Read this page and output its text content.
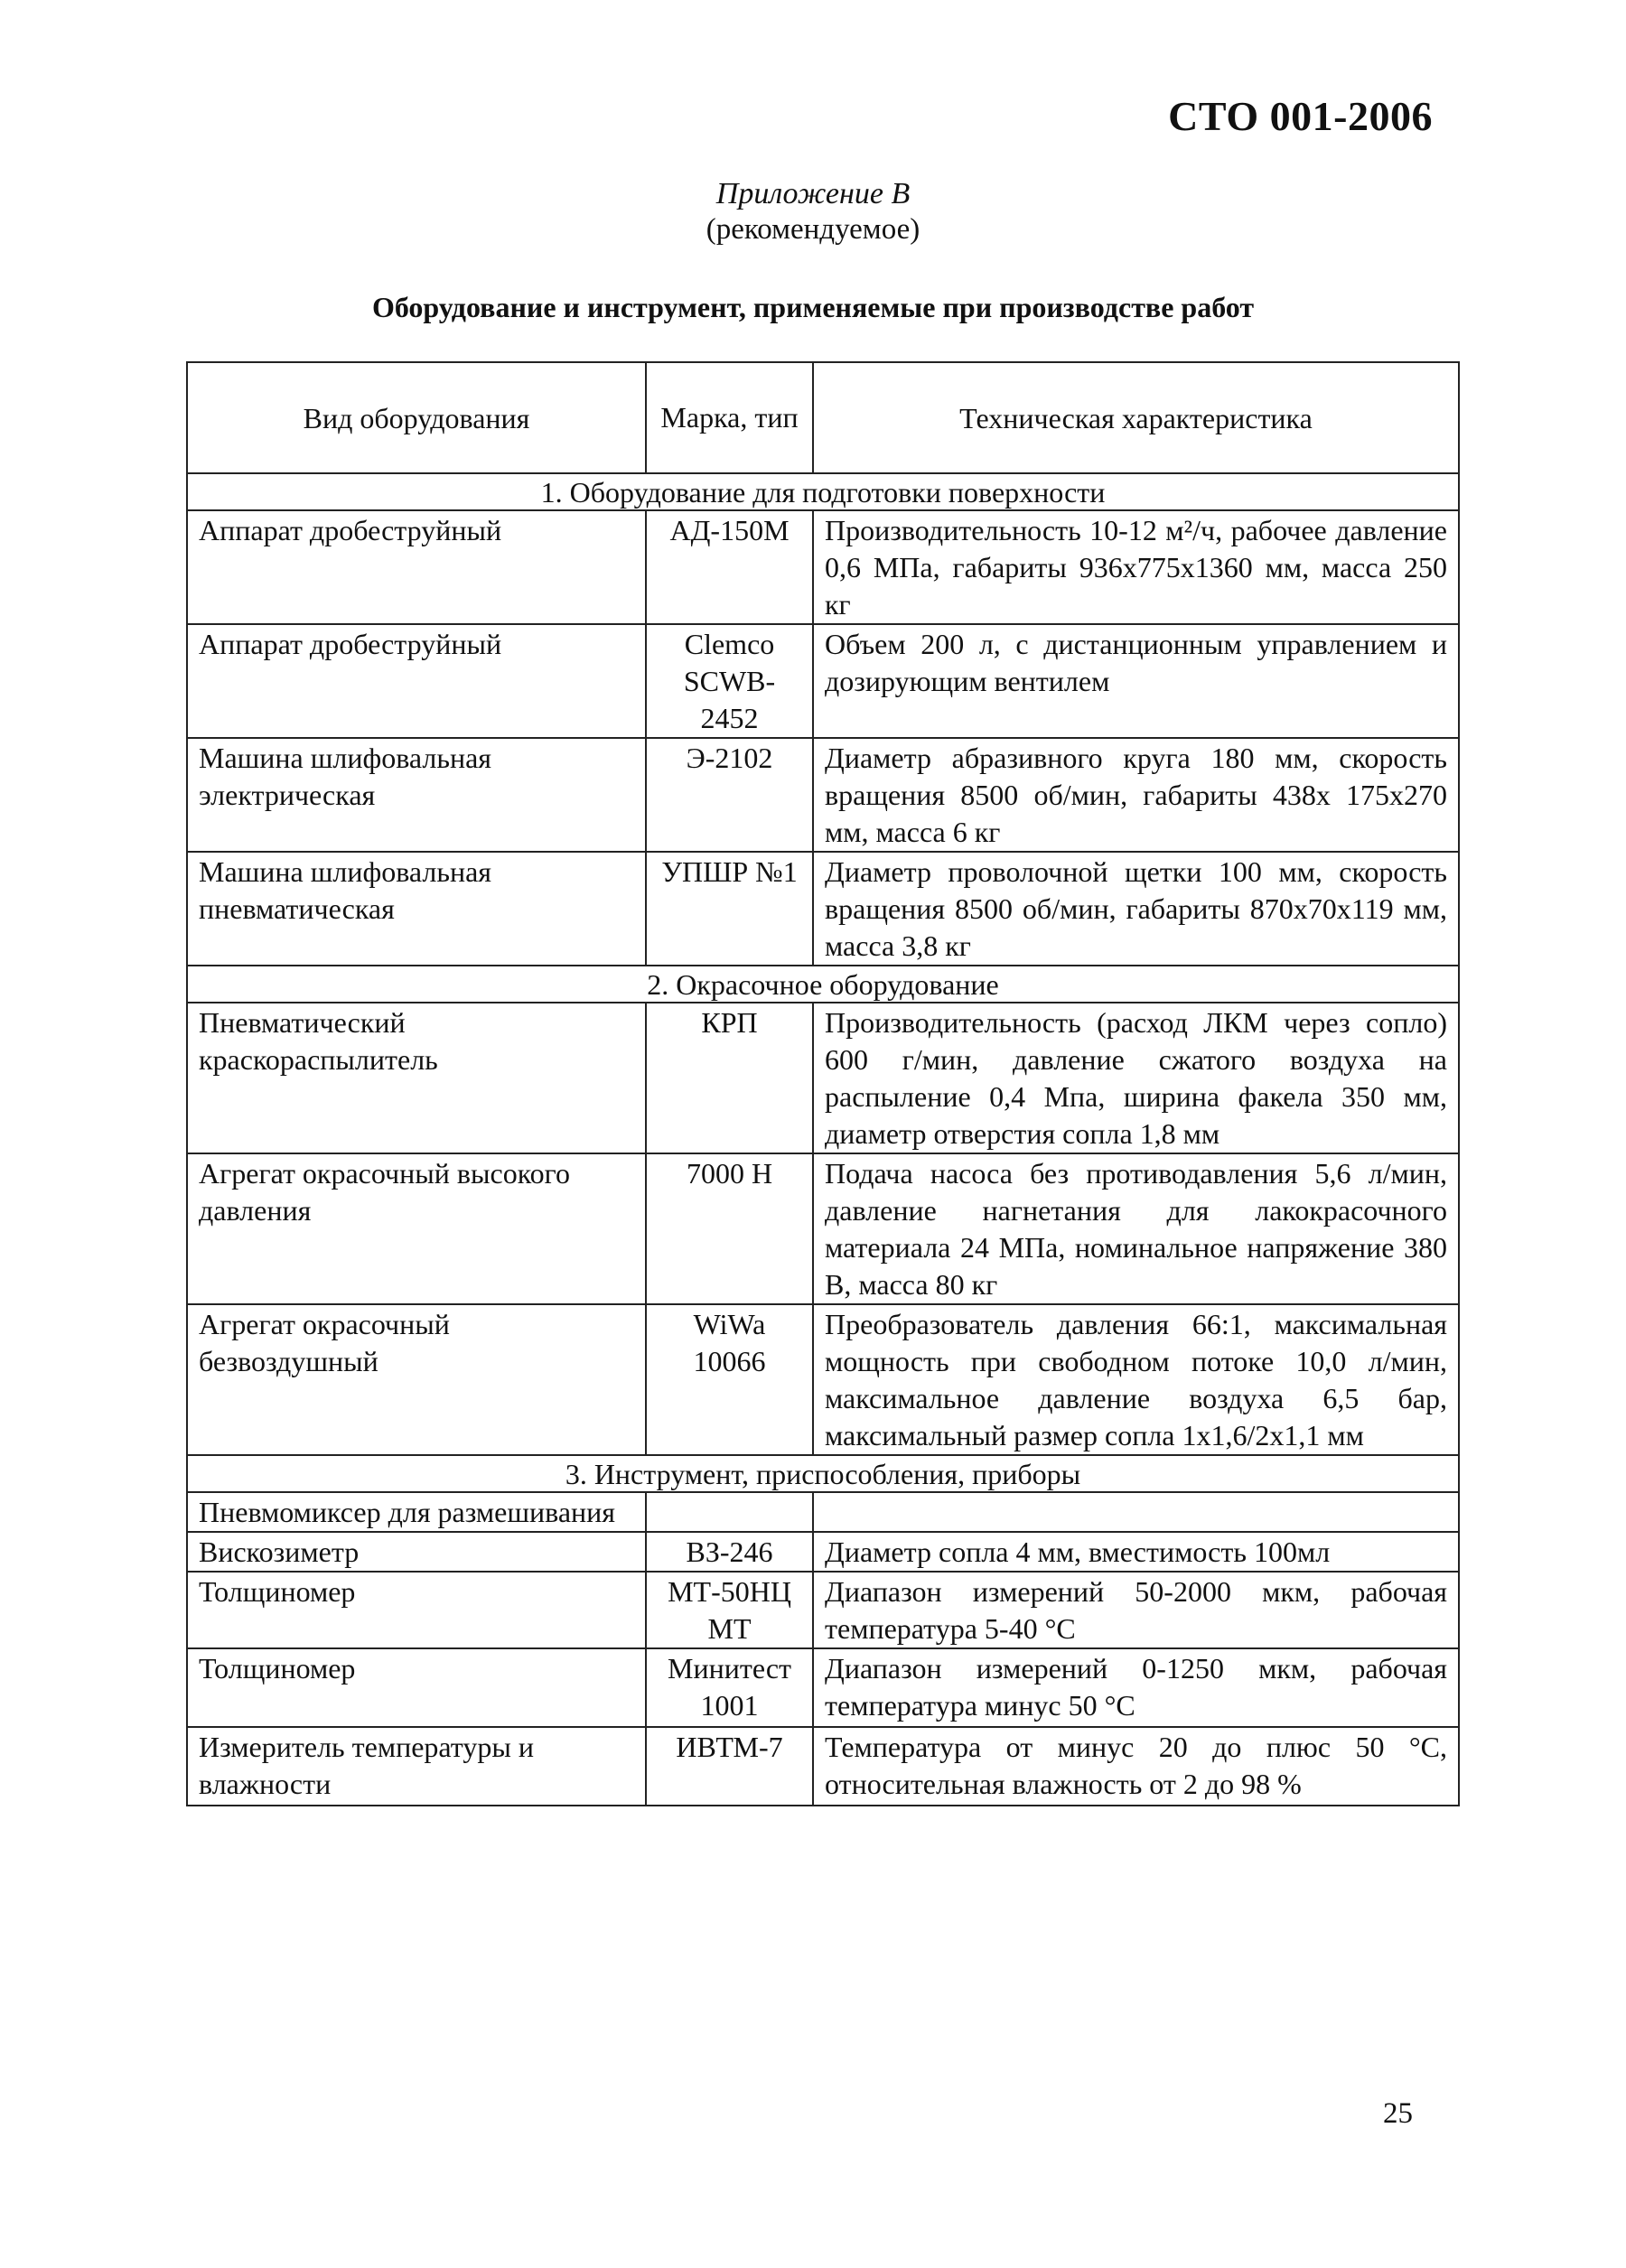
СТО 001-2006
Приложение В
(рекомендуемое)
Оборудование и инструмент, применяемые при производстве работ
Вид оборудования	Марка, тип	Техническая характеристика
1. Оборудование для подготовки поверхности		
Аппарат дробеструйный	АД-150М	Производительность 10-12 м²/ч, рабочее давление 0,6 МПа, габариты 936х775х1360 мм, масса 250 кг
Аппарат дробеструйный	Clemco SCWB-2452	Объем 200 л, с дистанционным управлением и дозирующим вентилем
Машина шлифовальная электрическая	Э-2102	Диаметр абразивного круга 180 мм, скорость вращения 8500 об/мин, габариты 438х 175х270 мм, масса 6 кг
Машина шлифовальная пневматическая	УПШР №1	Диаметр проволочной щетки 100 мм, скорость вращения 8500 об/мин, габариты 870х70х119 мм, масса 3,8 кг
2. Окрасочное оборудование		
Пневматический краскораспылитель	КРП	Производительность (расход ЛКМ через сопло) 600 г/мин, давление сжатого воздуха на распыление 0,4 Мпа, ширина факела 350 мм, диаметр отверстия сопла 1,8 мм
Агрегат окрасочный высокого давления	7000 Н	Подача насоса без противодавления 5,6 л/мин, давление нагнетания для лакокрасочного материала 24 МПа, номинальное напряжение 380 В, масса 80 кг
Агрегат окрасочный безвоздушный	WiWa 10066	Преобразователь давления 66:1, максимальная мощность при свободном потоке 10,0 л/мин, максимальное давление воздуха 6,5 бар, максимальный размер сопла 1х1,6/2х1,1 мм
3. Инструмент, приспособления, приборы		
Пневмомиксер для размешивания		
Вискозиметр	ВЗ-246	Диаметр сопла 4 мм, вместимость 100мл
Толщиномер	МТ-50НЦ МТ	Диапазон измерений 50-2000 мкм, рабочая температура 5-40 °С
Толщиномер	Минитест 1001	Диапазон измерений 0-1250 мкм, рабочая температура минус 50 °С
Измеритель температуры и влажности	ИВТМ-7	Температура от минус 20 до плюс 50 °С, относительная влажность от 2 до 98 %
25
